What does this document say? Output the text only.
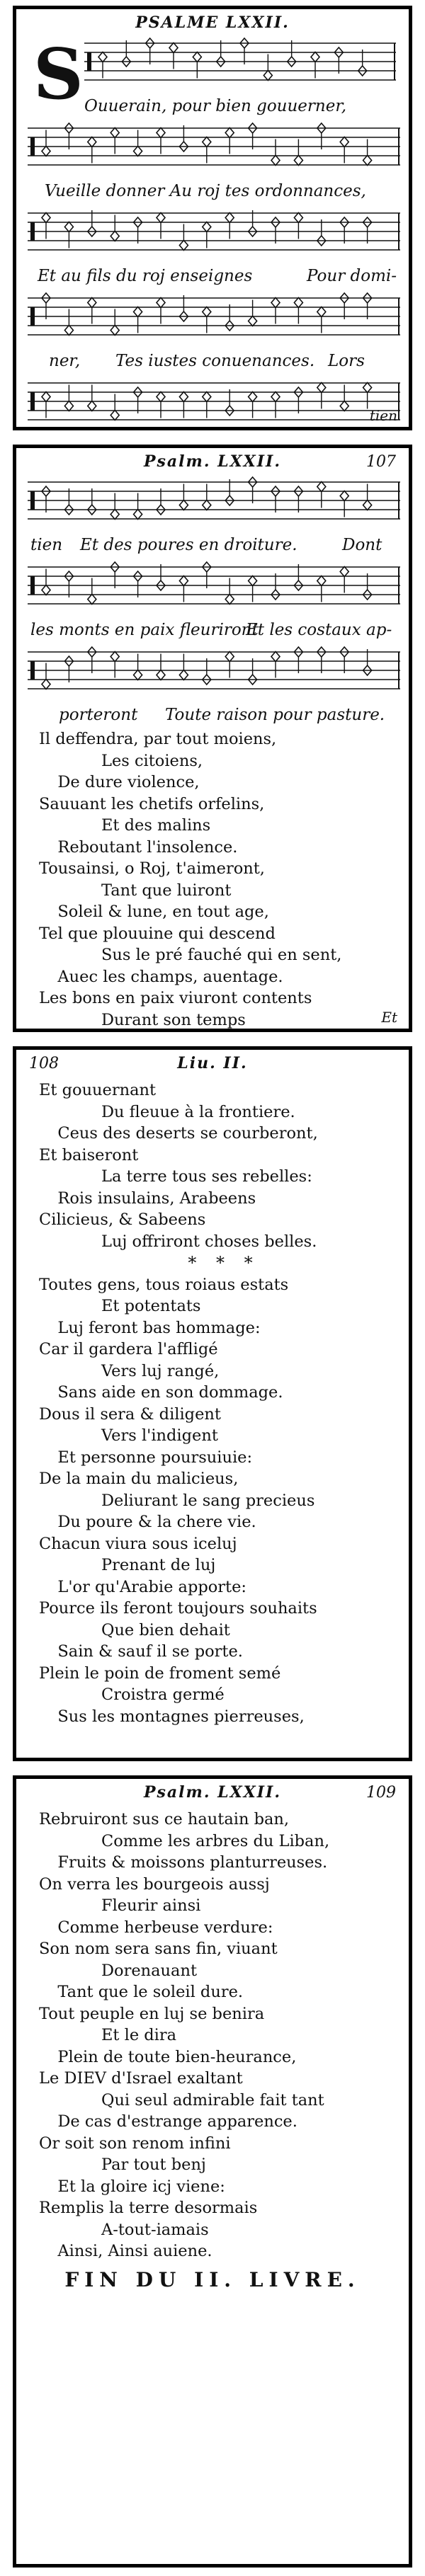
PSALME LXXII.
S Ouuerain, pour bien gouuerner,
Vueille donner Au roj tes ordonnances,
Et au fils du roj enseignes	Pour domi-
ner, Tes iustes conuenances. Lors
tien
Psalm. LXXII.	107
tien Et des poures en droiture.	Dont
les monts en paix fleuriront
Et les costaux ap-
porteront Toute raison pour pasture.
Il deffendra, par tout moiens,
Les citoiens,
De dure violence,
Sauuant les chetifs orfelins,
Et des malins
Rebo​utant l'insolence.
Tousainsi, o Roj, t'aimeront,
Tant que luiront
Soleil & lune, en tout age,
Tel que plouuine qui descend
Sus le pré fauché qui en sent,
Auec les champs, auentage.
Les bons en paix viuront contents
Durant son temps	Et
108	Liu. II.
Et gouuernant
Du fleuue à la frontiere.
Ceus des deserts se courberont,
Et baiseront
La terre tous ses rebelles:
Rois insulains, Arabeens
Cilicieus, & Sabeens
Luj offriront choses belles.
* * *
Toutes gens, tous roiaus estats
Et potentats
Luj feront bas hommage:
Car il gardera l'affligé
Vers luj rangé,
Sans aide en son dommage.
Dous il sera & diligent
Vers l'indigent
Et personne poursuiuie:
De la main du malicieus,
Deliurant le sang precieus
Du poure & la chere vie.
Chacun viura sous iceluj
Prenant de luj
L'or qu'Arabie apporte:
Pource ils feront toujours souhaits
Que bien dehait
Sain & sauf il se porte.
Plein le poin de froment semé
Croistra germé
Sus les montagnes pierreuses,
Psalm. LXXII.	109
Rebruiront sus ce hautain ban,
Comme les arbres du Liban,
Fruits & moissons planturreuses.
On verra les bourgeois aussj
Fleurir ainsi
Comme herbeuse verdure:
Son nom sera sans fin, viuant
Dorenauant
Tant que le soleil dure.
Tout peuple en luj se benira
Et le dira
Plein de toute bien-heurance,
Le DIEV d'Israel exaltant
Qui seul admirable fait tant
De cas d'estrange apparence.
Or soit son renom infini
Par tout benj
Et la gloire icj viene:
Remplis la terre desormais
A-tout-iamais
Ainsi, Ainsi auiene.
FIN DU II. LIVRE.
